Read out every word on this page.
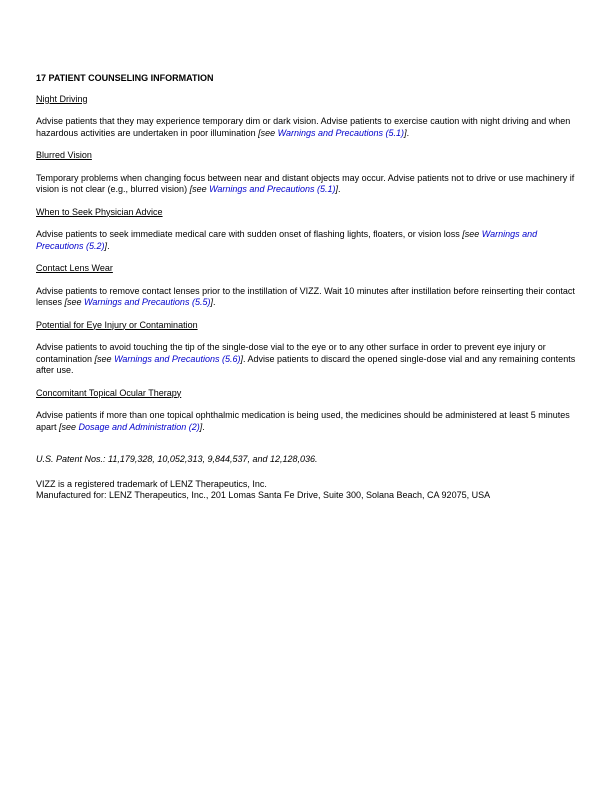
17 PATIENT COUNSELING INFORMATION
Night Driving
Advise patients that they may experience temporary dim or dark vision. Advise patients to exercise caution with night driving and when hazardous activities are undertaken in poor illumination [see Warnings and Precautions (5.1)].
Blurred Vision
Temporary problems when changing focus between near and distant objects may occur. Advise patients not to drive or use machinery if vision is not clear (e.g., blurred vision) [see Warnings and Precautions (5.1)].
When to Seek Physician Advice
Advise patients to seek immediate medical care with sudden onset of flashing lights, floaters, or vision loss [see Warnings and Precautions (5.2)].
Contact Lens Wear
Advise patients to remove contact lenses prior to the instillation of VIZZ. Wait 10 minutes after instillation before reinserting their contact lenses [see Warnings and Precautions (5.5)].
Potential for Eye Injury or Contamination
Advise patients to avoid touching the tip of the single-dose vial to the eye or to any other surface in order to prevent eye injury or contamination [see Warnings and Precautions (5.6)]. Advise patients to discard the opened single-dose vial and any remaining contents after use.
Concomitant Topical Ocular Therapy
Advise patients if more than one topical ophthalmic medication is being used, the medicines should be administered at least 5 minutes apart [see Dosage and Administration (2)].
U.S. Patent Nos.: 11,179,328, 10,052,313, 9,844,537, and 12,128,036.
VIZZ is a registered trademark of LENZ Therapeutics, Inc.
Manufactured for: LENZ Therapeutics, Inc., 201 Lomas Santa Fe Drive, Suite 300, Solana Beach, CA 92075, USA
